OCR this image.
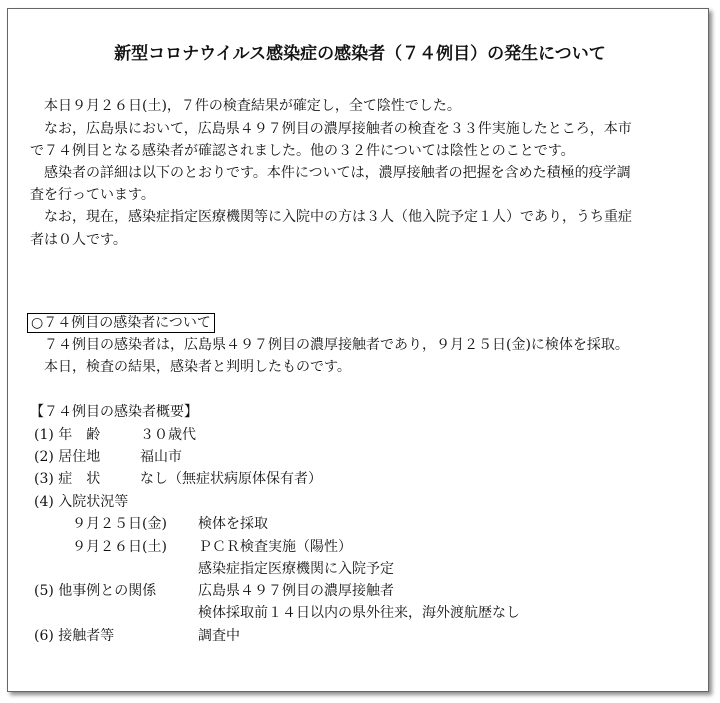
新型コロナウイルス感染症の感染者（７４例目）の発生について
本日９月２６日(土)，７件の検査結果が確定し，全て陰性でした。
なお，広島県において，広島県４９７例目の濃厚接触者の検査を３３件実施したところ，本市
で７４例目となる感染者が確認されました。他の３２件については陰性とのことです。
感染者の詳細は以下のとおりです。本件については，濃厚接触者の把握を含めた積極的疫学調
査を行っています。
なお，現在，感染症指定医療機関等に入院中の方は３人（他入院予定１人）であり，うち重症
者は０人です。
○７４例目の感染者について
７４例目の感染者は，広島県４９７例目の濃厚接触者であり，９月２５日(金)に検体を採取。
本日，検査の結果，感染者と判明したものです。
【７４例目の感染者概要】
(1) 年　齢	３０歳代
(2) 居住地	福山市
(3) 症　状	なし（無症状病原体保有者）
(4) 入院状況等
９月２５日(金) 検体を採取
９月２６日(土) ＰＣＲ検査実施（陽性）
感染症指定医療機関に入院予定
(5) 他事例との関係	広島県４９７例目の濃厚接触者
検体採取前１４日以内の県外往来，海外渡航歴なし
(6) 接触者等	調査中
